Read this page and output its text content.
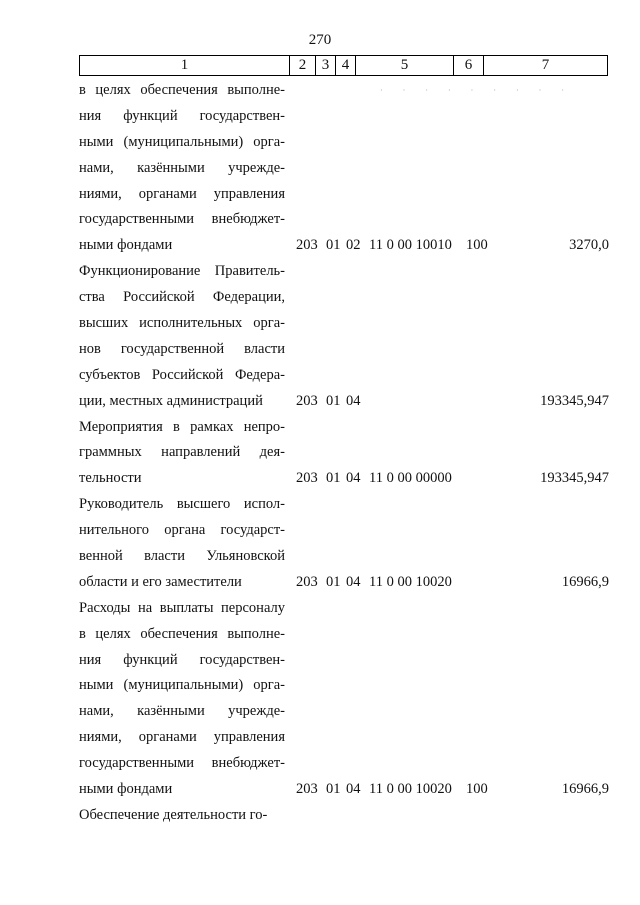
270
1	2	3 4	5	6	7
· · · · · · · · ·
в целях обеспечения выполне-
ния функций государствен-
ными (муниципальными) орга-
нами, казёнными учрежде-
ниями, органами управления
государственными внебюджет-
ными фондами	203 01 02 11 0 00 10010 100	3270,0
Функционирование Правитель-
ства Российской Федерации,
высших исполнительных орга-
нов государственной власти
субъектов Российской Федера-
ции, местных администраций	203 01 04	193345,947
Мероприятия в рамках непро-
граммных направлений дея-
тельности	203 01 04 11 0 00 00000	193345,947
Руководитель высшего испол-
нительного органа государст-
венной власти Ульяновской
области и его заместители	203 01 04 11 0 00 10020	16966,9
Расходы на выплаты персоналу
в целях обеспечения выполне-
ния функций государствен-
ными (муниципальными) орга-
нами, казёнными учрежде-
ниями, органами управления
государственными внебюджет-
ными фондами	203 01 04 11 0 00 10020 100	16966,9
Обеспечение деятельности го-
